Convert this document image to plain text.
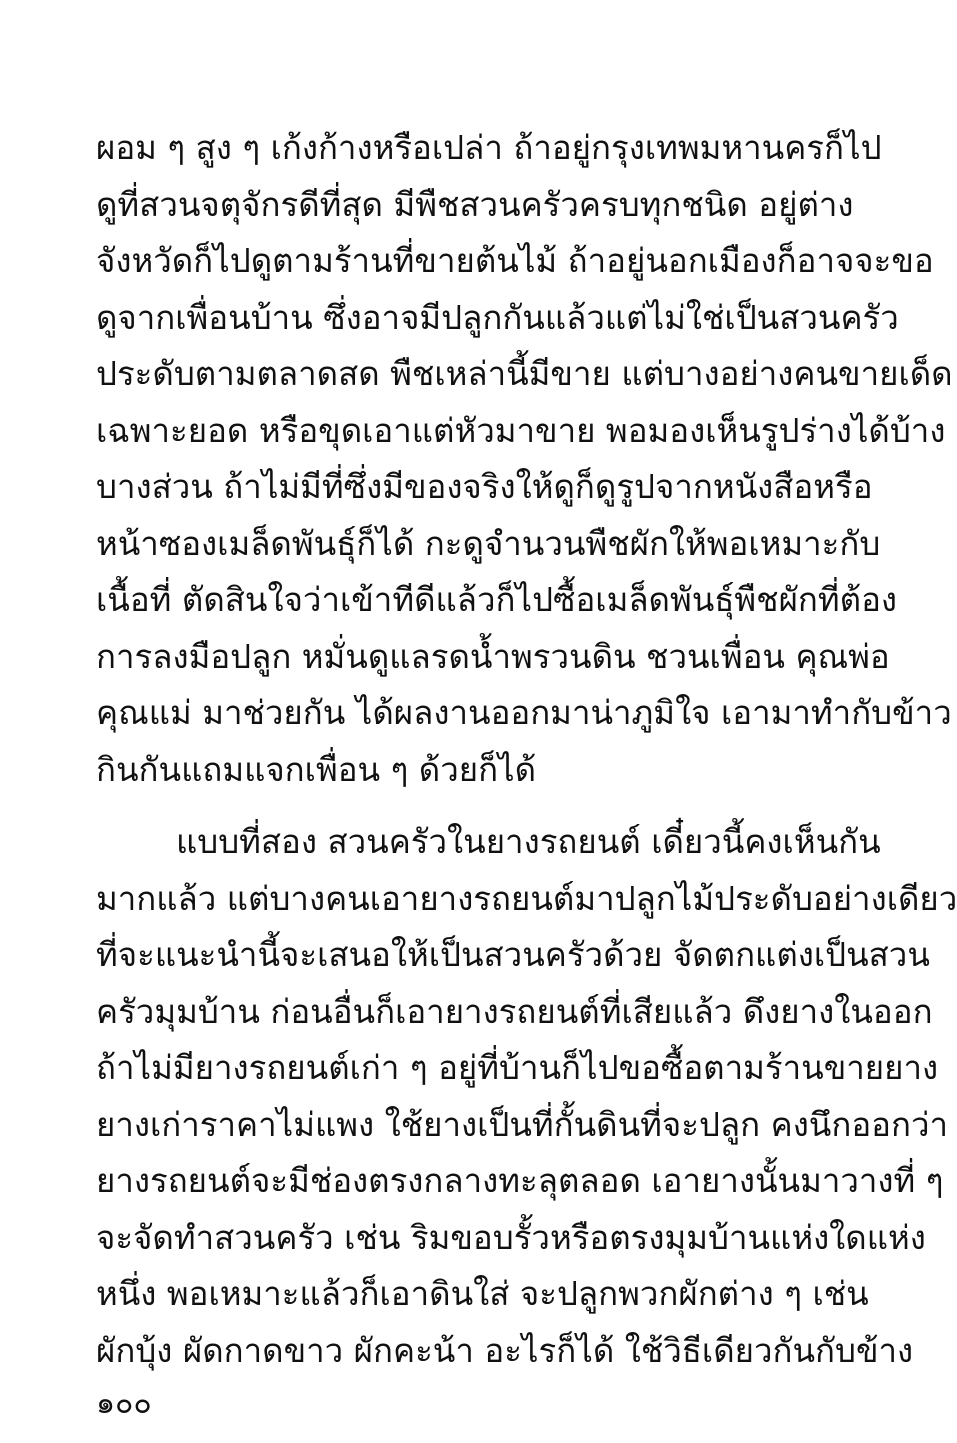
ผอม ๆ สูง ๆ เก้งก้างหรือเปล่า ถ้าอยู่กรุงเทพมหานครก็ไป
ดูที่สวนจตุจักรดีที่สุด มีพืชสวนครัวครบทุกชนิด อยู่ต่าง
จังหวัดก็ไปดูตามร้านที่ขายต้นไม้ ถ้าอยู่นอกเมืองก็อาจจะขอ
ดูจากเพื่อนบ้าน ซึ่งอาจมีปลูกกันแล้วแต่ไม่ใช่เป็นสวนครัว
ประดับตามตลาดสด พืชเหล่านี้มีขาย แต่บางอย่างคนขายเด็ด
เฉพาะยอด หรือขุดเอาแต่หัวมาขาย พอมองเห็นรูปร่างได้บ้าง
บางส่วน ถ้าไม่มีที่ซึ่งมีของจริงให้ดูก็ดูรูปจากหนังสือหรือ
หน้าซองเมล็ดพันธุ์ก็ได้ กะดูจำนวนพืชผักให้พอเหมาะกับ
เนื้อที่ ตัดสินใจว่าเข้าทีดีแล้วก็ไปซื้อเมล็ดพันธุ์พืชผักที่ต้อง
การลงมือปลูก หมั่นดูแลรดน้ำพรวนดิน ชวนเพื่อน คุณพ่อ
คุณแม่ มาช่วยกัน ได้ผลงานออกมาน่าภูมิใจ เอามาทำกับข้าว
กินกันแถมแจกเพื่อน ๆ ด้วยก็ได้
แบบที่สอง สวนครัวในยางรถยนต์ เดี๋ยวนี้คงเห็นกัน
มากแล้ว แต่บางคนเอายางรถยนต์มาปลูกไม้ประดับอย่างเดียว
ที่จะแนะนำนี้จะเสนอให้เป็นสวนครัวด้วย จัดตกแต่งเป็นสวน
ครัวมุมบ้าน ก่อนอื่นก็เอายางรถยนต์ที่เสียแล้ว ดึงยางในออก
ถ้าไม่มียางรถยนต์เก่า ๆ อยู่ที่บ้านก็ไปขอซื้อตามร้านขายยาง
ยางเก่าราคาไม่แพง ใช้ยางเป็นที่กั้นดินที่จะปลูก คงนึกออกว่า
ยางรถยนต์จะมีช่องตรงกลางทะลุตลอด เอายางนั้นมาวางที่ ๆ
จะจัดทำสวนครัว เช่น ริมขอบรั้วหรือตรงมุมบ้านแห่งใดแห่ง
หนึ่ง พอเหมาะแล้วก็เอาดินใส่ จะปลูกพวกผักต่าง ๆ เช่น
ผักบุ้ง ผัดกาดขาว ผักคะน้า อะไรก็ได้ ใช้วิธีเดียวกันกับข้าง
๑๐๐
